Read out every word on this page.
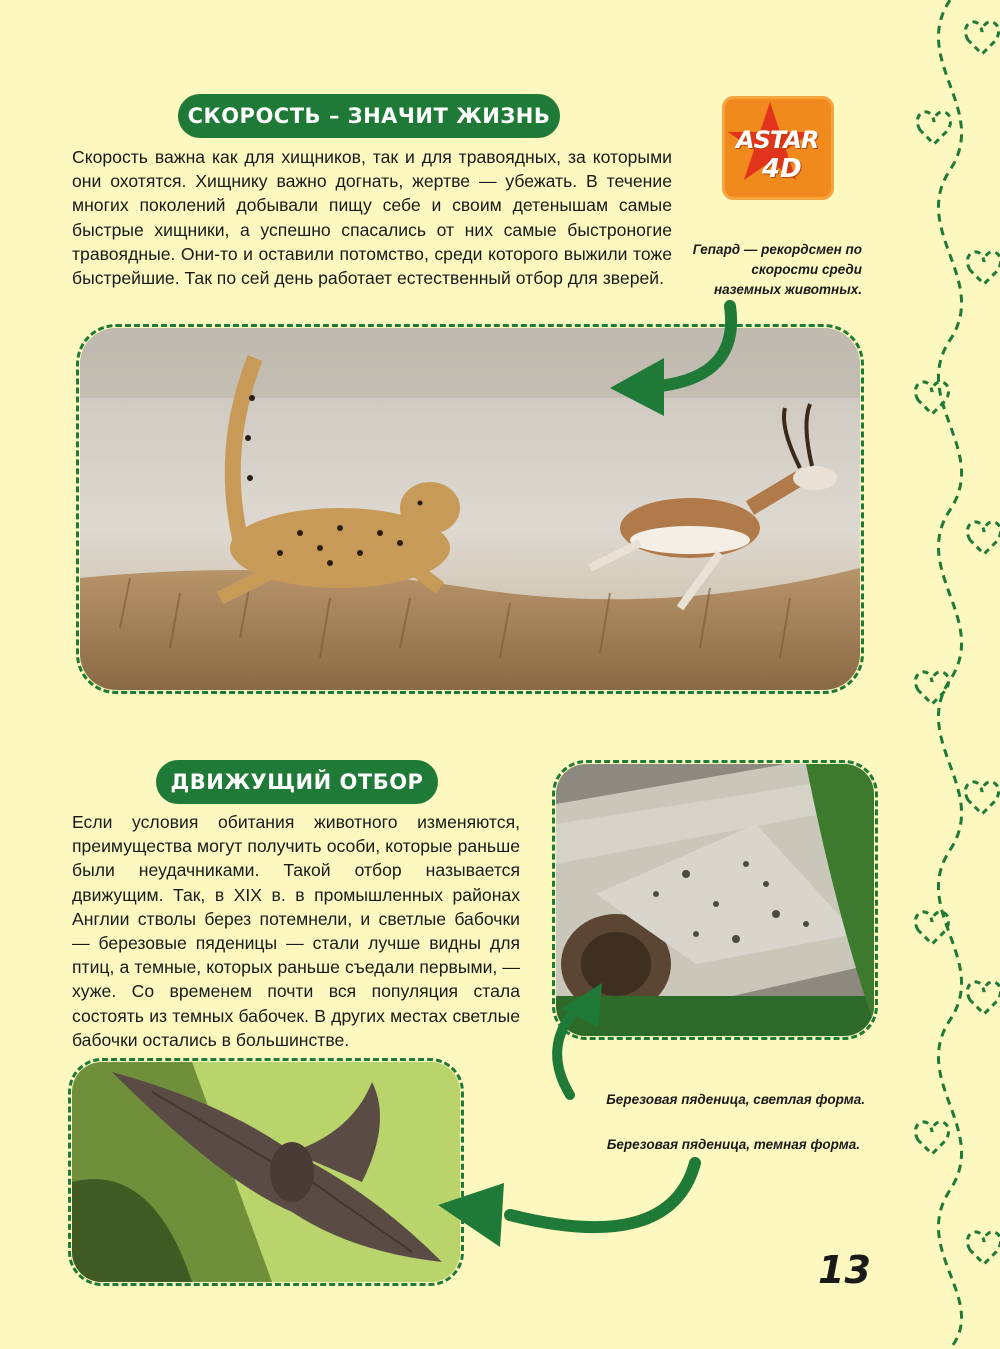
СКОРОСТЬ – ЗНАЧИТ ЖИЗНЬ

Скорость важна как для хищников, так и для травоядных, за которыми они охотятся. Хищнику важно догнать, жертве — убежать. В течение многих поколений добывали пищу себе и своим детенышам самые быстрые хищники, а успешно спасались от них самые быстроногие травоядные. Они-то и оставили потомство, среди которого выжили тоже быстрейшие. Так по сей день работает естественный отбор для зверей.

ASTAR
4D
Гепард — рекордсмен по скорости среди наземных животных.
ДВИЖУЩИЙ ОТБОР

Если условия обитания животного изменяются, преимущества могут получить особи, которые раньше были неудачниками. Такой отбор называется движущим. Так, в XIX в. в промышленных районах Англии стволы берез потемнели, и светлые бабочки — березовые пяденицы — стали лучше видны для птиц, а темные, которых раньше съедали первыми, — хуже. Со временем почти вся популяция стала состоять из темных бабочек. В других местах светлые бабочки остались в большинстве.

Березовая пяденица, светлая форма.
Березовая пяденица, темная форма.
13
